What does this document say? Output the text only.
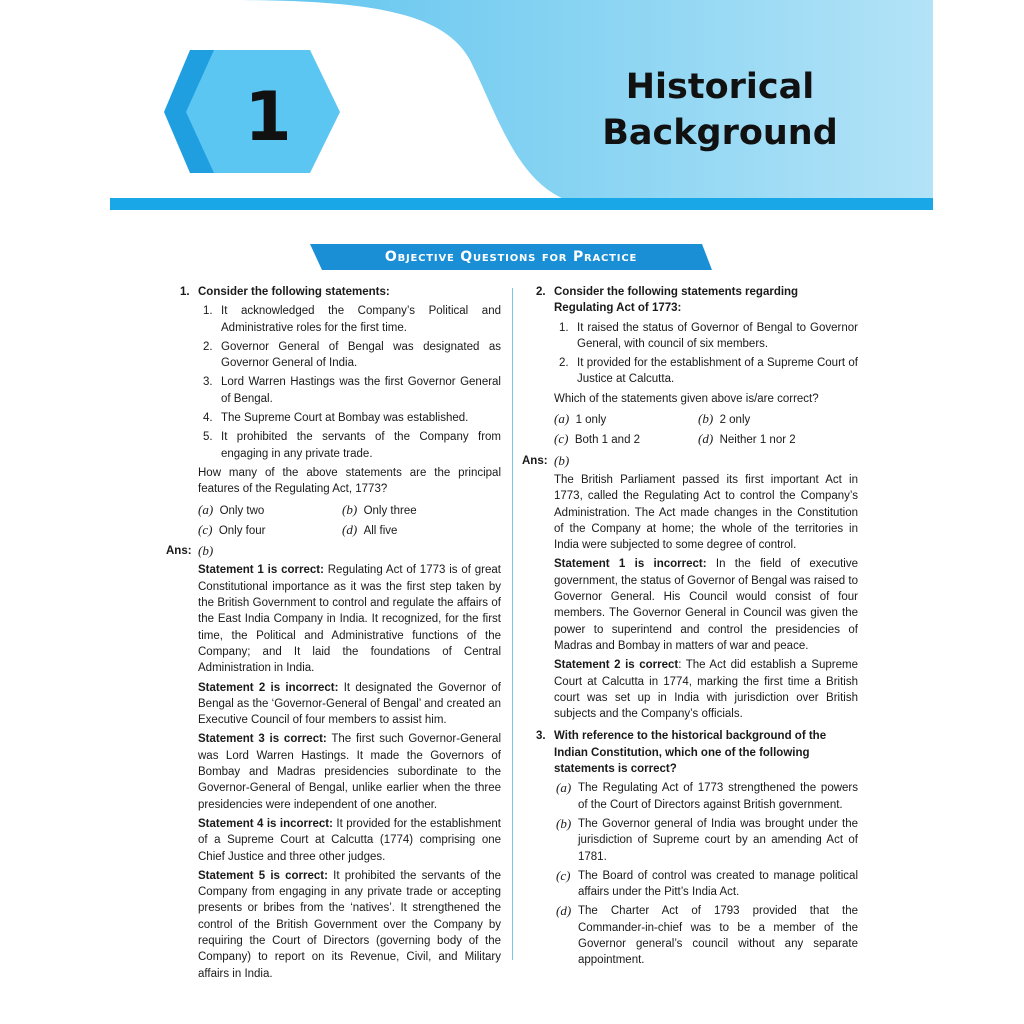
1	Historical
Background
Objective Questions for Practice
1. Consider the following statements:
1. It acknowledged the Company’s Political and Administrative roles for the first time.
2. Governor General of Bengal was designated as Governor General of India.
3. Lord Warren Hastings was the first Governor General of Bengal.
4. The Supreme Court at Bombay was established.
5. It prohibited the servants of the Company from engaging in any private trade.
How many of the above statements are the principal features of the Regulating Act, 1773?
(a) Only two	(b) Only three
(c) Only four	(d) All five
Ans: (b)
Statement 1 is correct: Regulating Act of 1773 is of great Constitutional importance as it was the first step taken by the British Government to control and regulate the affairs of the East India Company in India. It recognized, for the first time, the Political and Administrative functions of the Company; and It laid the foundations of Central Administration in India.
Statement 2 is incorrect: It designated the Governor of Bengal as the ‘Governor-General of Bengal’ and created an Executive Council of four members to assist him.
Statement 3 is correct: The first such Governor-General was Lord Warren Hastings. It made the Governors of Bombay and Madras presidencies subordinate to the Governor-General of Bengal, unlike earlier when the three presidencies were independent of one another.
Statement 4 is incorrect: It provided for the establishment of a Supreme Court at Calcutta (1774) comprising one Chief Justice and three other judges.
Statement 5 is correct: It prohibited the servants of the Company from engaging in any private trade or accepting presents or bribes from the ‘natives’. It strengthened the control of the British Government over the Company by requiring the Court of Directors (governing body of the Company) to report on its Revenue, Civil, and Military affairs in India.
2. Consider the following statements regarding Regulating Act of 1773:
1. It raised the status of Governor of Bengal to Governor General, with council of six members.
2. It provided for the establishment of a Supreme Court of Justice at Calcutta.
Which of the statements given above is/are correct?
(a) 1 only	(b) 2 only
(c) Both 1 and 2	(d) Neither 1 nor 2
Ans: (b)
The British Parliament passed its first important Act in 1773, called the Regulating Act to control the Company’s Administration. The Act made changes in the Constitution of the Company at home; the whole of the territories in India were subjected to some degree of control.
Statement 1 is incorrect: In the field of executive government, the status of Governor of Bengal was raised to Governor General. His Council would consist of four members. The Governor General in Council was given the power to superintend and control the presidencies of Madras and Bombay in matters of war and peace.
Statement 2 is correct: The Act did establish a Supreme Court at Calcutta in 1774, marking the first time a British court was set up in India with jurisdiction over British subjects and the Company’s officials.
3. With reference to the historical background of the Indian Constitution, which one of the following statements is correct?
(a) The Regulating Act of 1773 strengthened the powers of the Court of Directors against British government.
(b) The Governor general of India was brought under the jurisdiction of Supreme court by an amending Act of 1781.
(c) The Board of control was created to manage political affairs under the Pitt’s India Act.
(d) The Charter Act of 1793 provided that the Commander-in-chief was to be a member of the Governor general’s council without any separate appointment.
